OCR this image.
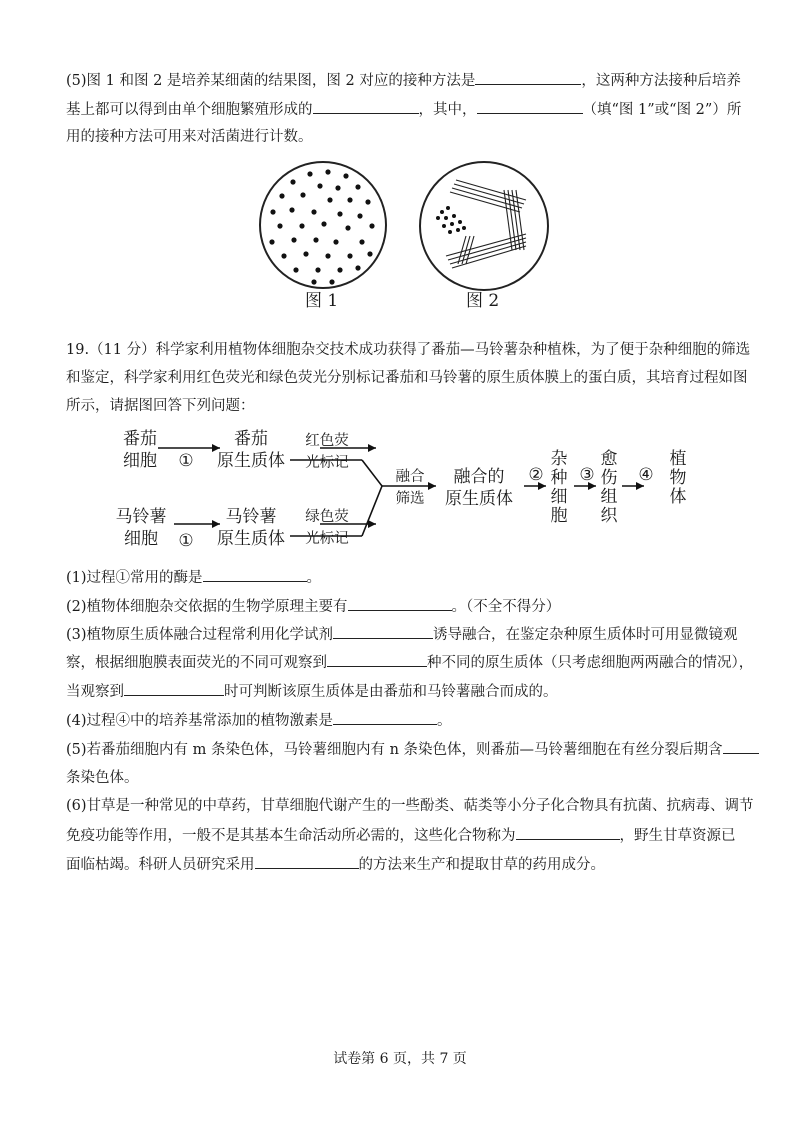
(5)图 1 和图 2 是培养某细菌的结果图，图 2 对应的接种方法是	，这两种方法接种后培养
基上都可以得到由单个细胞繁殖形成的	，其中，	（填“图 1”或“图 2”）所
用的接种方法可用来对活菌进行计数。
图 1	图 2
19.（11 分）科学家利用植物体细胞杂交技术成功获得了番茄—马铃薯杂种植株，为了便于杂种细胞的筛选
和鉴定，科学家利用红色荧光和绿色荧光分别标记番茄和马铃薯的原生质体膜上的蛋白质，其培育过程如图
所示，请据图回答下列问题：
番茄
细胞	①
番茄
原生质体
红色荧
光标记
马铃薯
细胞	①
马铃薯
原生质体
绿色荧
光标记
融合
筛选
融合的
原生质体
②
杂种细胞
③
愈伤组织
④
植物体
(1)过程①常用的酶是	。
(2)植物体细胞杂交依据的生物学原理主要有	。（不全不得分）
(3)植物原生质体融合过程常利用化学试剂	诱导融合，在鉴定杂种原生质体时可用显微镜观
察，根据细胞膜表面荧光的不同可观察到	种不同的原生质体（只考虑细胞两两融合的情况），
当观察到	时可判断该原生质体是由番茄和马铃薯融合而成的。
(4)过程④中的培养基常添加的植物激素是	。
(5)若番茄细胞内有 m 条染色体，马铃薯细胞内有 n 条染色体，则番茄—马铃薯细胞在有丝分裂后期含
条染色体。
(6)甘草是一种常见的中草药，甘草细胞代谢产生的一些酚类、萜类等小分子化合物具有抗菌、抗病毒、调节
免疫功能等作用，一般不是其基本生命活动所必需的，这些化合物称为	，野生甘草资源已
面临枯竭。科研人员研究采用	的方法来生产和提取甘草的药用成分。
试卷第 6 页，共 7 页
